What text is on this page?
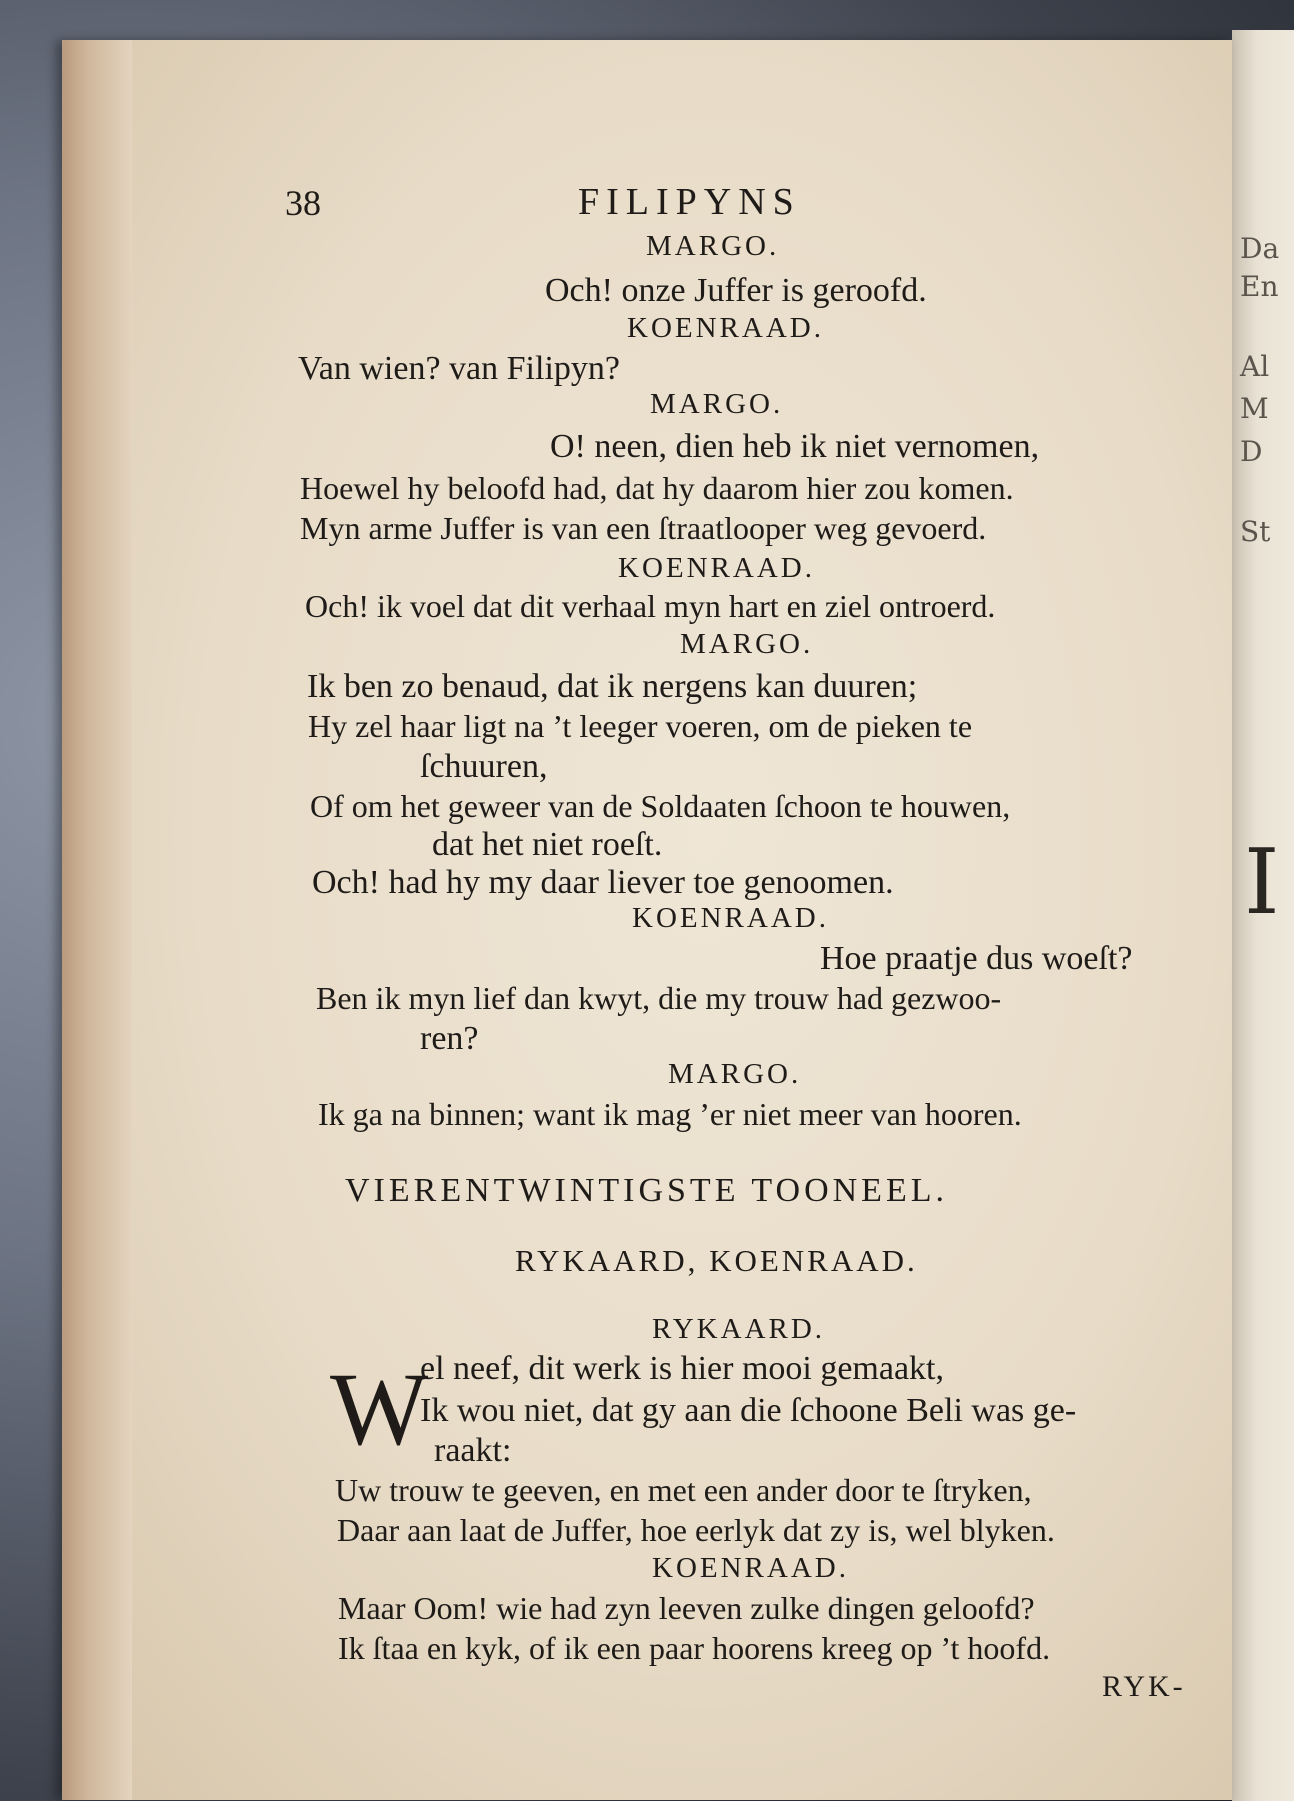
Da
En
Al
M
D
St
I
38	FILIPYNS
MARGO.
Och! onze Juffer is geroofd.
KOENRAAD.
Van wien? van Filipyn?
MARGO.
O! neen, dien heb ik niet vernomen,
Hoewel hy beloofd had, dat hy daarom hier zou komen.
Myn arme Juffer is van een ſtraatlooper weg gevoerd.
KOENRAAD.
Och! ik voel dat dit verhaal myn hart en ziel ontroerd.
MARGO.
Ik ben zo benaud, dat ik nergens kan duuren;
Hy zel haar ligt na ’t leeger voeren, om de pieken te
ſchuuren,
Of om het geweer van de Soldaaten ſchoon te houwen,
dat het niet roeſt.
Och! had hy my daar liever toe genoomen.
KOENRAAD.
Hoe praatje dus woeſt?
Ben ik myn lief dan kwyt, die my trouw had gezwoo-
ren?
MARGO.
Ik ga na binnen; want ik mag ’er niet meer van hooren.
VIERENTWINTIGSTE TOONEEL.
RYKAARD, KOENRAAD.
RYKAARD.
W
el neef, dit werk is hier mooi gemaakt,
Ik wou niet, dat gy aan die ſchoone Beli was ge-
raakt:
Uw trouw te geeven, en met een ander door te ſtryken,
Daar aan laat de Juffer, hoe eerlyk dat zy is, wel blyken.
KOENRAAD.
Maar Oom! wie had zyn leeven zulke dingen geloofd?
Ik ſtaa en kyk, of ik een paar hoorens kreeg op ’t hoofd.
RYK-
